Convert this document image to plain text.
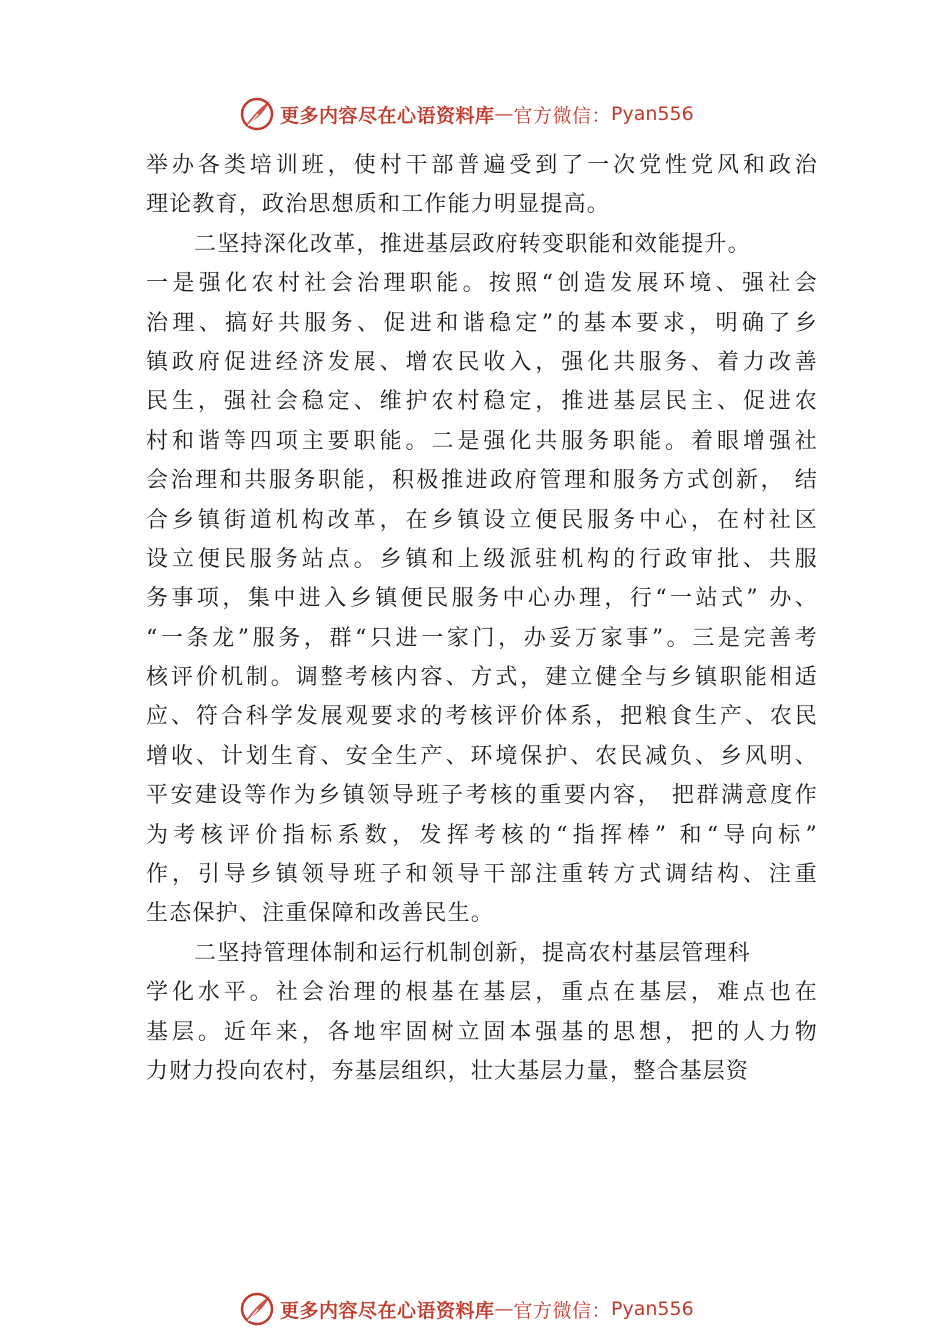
更多内容尽在心语资料库 — 官方微信： Pyan556
举办各类培训班，使村干部普遍受到了一次党性党风和政治
理论教育，政治思想质和工作能力明显提高。
二坚持深化改革，推进基层政府转变职能和效能提升。
一是强化农村社会治理职能。按照“创造发展环境、强社会
治理、搞好共服务、促进和谐稳定”的基本要求，明确了乡
镇政府促进经济发展、增农民收入，强化共服务、着力改善
民生，强社会稳定、维护农村稳定，推进基层民主、促进农
村和谐等四项主要职能。二是强化共服务职能。着眼增强社
会治理和共服务职能，积极推进政府管理和服务方式创新， 结
合乡镇街道机构改革，在乡镇设立便民服务中心，在村社区
设立便民服务站点。乡镇和上级派驻机构的行政审批、共服
务事项，集中进入乡镇便民服务中心办理，行“一站式” 办、
“一条龙”服务，群“只进一家门，办妥万家事”。三是完善考
核评价机制。调整考核内容、方式，建立健全与乡镇职能相适
应、符合科学发展观要求的考核评价体系，把粮食生产、农民
增收、计划生育、安全生产、环境保护、农民减负、乡风明、
平安建设等作为乡镇领导班子考核的重要内容， 把群满意度作
为考核评价指标系数，发挥考核的“指挥棒” 和“导向标”
作，引导乡镇领导班子和领导干部注重转方式调结构、注重
生态保护、注重保障和改善民生。
二坚持管理体制和运行机制创新，提高农村基层管理科
学化水平。社会治理的根基在基层，重点在基层，难点也在
基层。近年来，各地牢固树立固本强基的思想，把的人力物
力财力投向农村，夯基层组织，壮大基层力量，整合基层资
更多内容尽在心语资料库 — 官方微信： Pyan556
